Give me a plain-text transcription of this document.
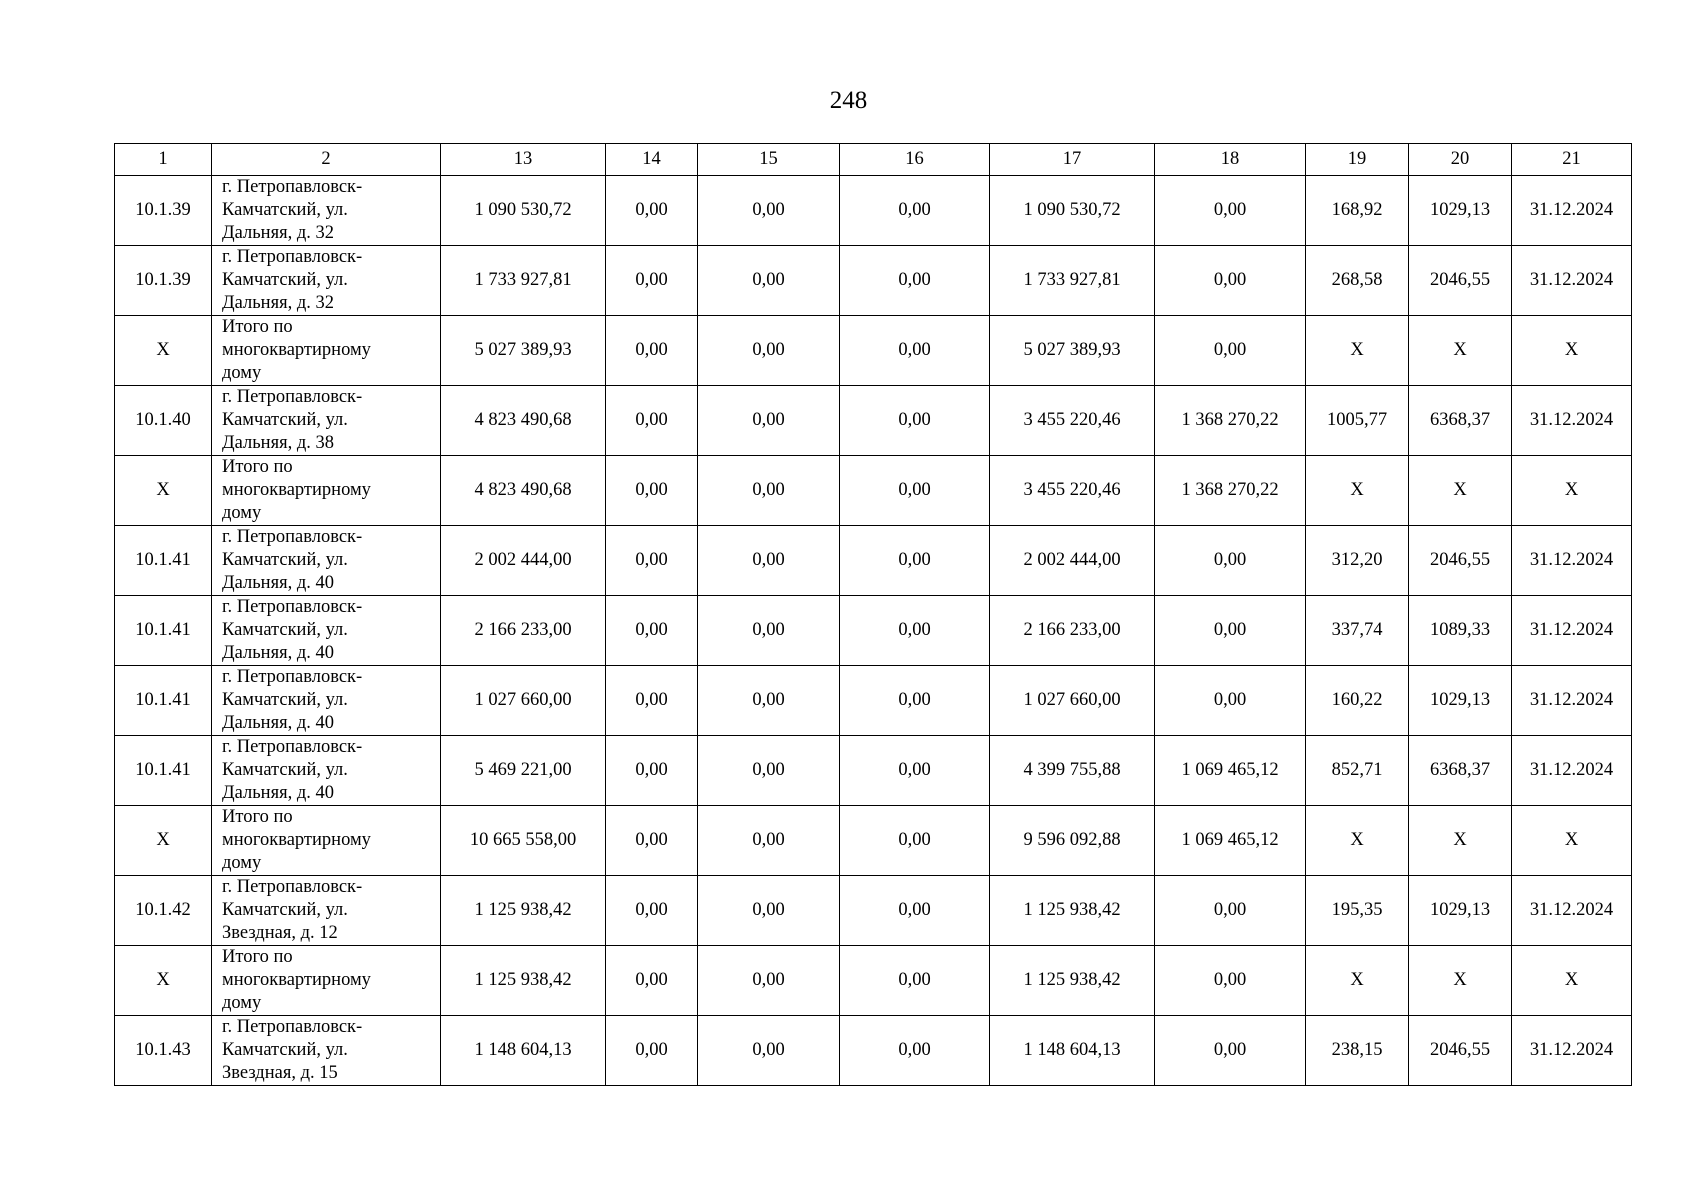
248
1	2	13	14	15	16	17	18	19	20	21
10.1.39	г. Петропавловск-
Камчатский, ул.
Дальняя, д. 32	1 090 530,72	0,00	0,00	0,00	1 090 530,72	0,00	168,92	1029,13	31.12.2024
10.1.39	г. Петропавловск-
Камчатский, ул.
Дальняя, д. 32	1 733 927,81	0,00	0,00	0,00	1 733 927,81	0,00	268,58	2046,55	31.12.2024
Х	Итого по
многоквартирному
дому	5 027 389,93	0,00	0,00	0,00	5 027 389,93	0,00	Х	Х	Х
10.1.40	г. Петропавловск-
Камчатский, ул.
Дальняя, д. 38	4 823 490,68	0,00	0,00	0,00	3 455 220,46	1 368 270,22	1005,77	6368,37	31.12.2024
Х	Итого по
многоквартирному
дому	4 823 490,68	0,00	0,00	0,00	3 455 220,46	1 368 270,22	Х	Х	Х
10.1.41	г. Петропавловск-
Камчатский, ул.
Дальняя, д. 40	2 002 444,00	0,00	0,00	0,00	2 002 444,00	0,00	312,20	2046,55	31.12.2024
10.1.41	г. Петропавловск-
Камчатский, ул.
Дальняя, д. 40	2 166 233,00	0,00	0,00	0,00	2 166 233,00	0,00	337,74	1089,33	31.12.2024
10.1.41	г. Петропавловск-
Камчатский, ул.
Дальняя, д. 40	1 027 660,00	0,00	0,00	0,00	1 027 660,00	0,00	160,22	1029,13	31.12.2024
10.1.41	г. Петропавловск-
Камчатский, ул.
Дальняя, д. 40	5 469 221,00	0,00	0,00	0,00	4 399 755,88	1 069 465,12	852,71	6368,37	31.12.2024
Х	Итого по
многоквартирному
дому	10 665 558,00	0,00	0,00	0,00	9 596 092,88	1 069 465,12	Х	Х	Х
10.1.42	г. Петропавловск-
Камчатский, ул.
Звездная, д. 12	1 125 938,42	0,00	0,00	0,00	1 125 938,42	0,00	195,35	1029,13	31.12.2024
Х	Итого по
многоквартирному
дому	1 125 938,42	0,00	0,00	0,00	1 125 938,42	0,00	Х	Х	Х
10.1.43	г. Петропавловск-
Камчатский, ул.
Звездная, д. 15	1 148 604,13	0,00	0,00	0,00	1 148 604,13	0,00	238,15	2046,55	31.12.2024
